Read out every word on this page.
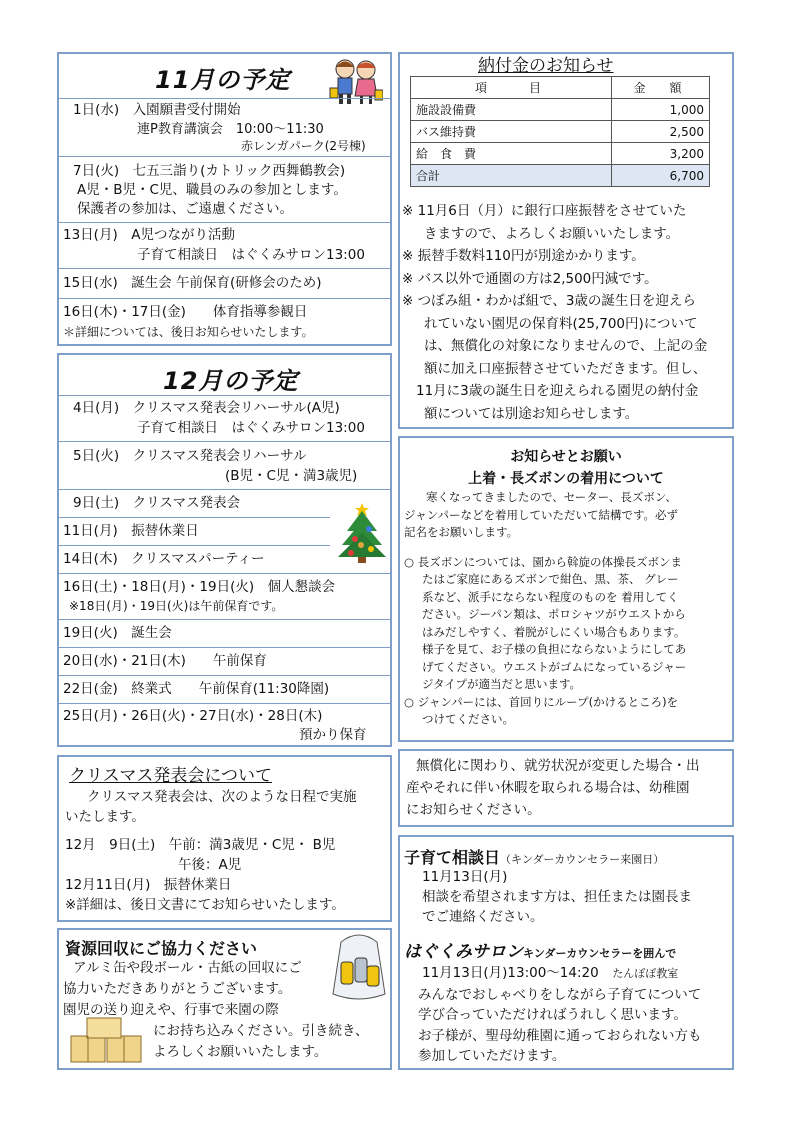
11月の予定
1日(水)　入園願書受付開始
連P教育講演会　10:00～11:30
赤レンガパーク(2号棟)
7日(火)　七五三詣り(カトリック西舞鶴教会)
A児・B児・C児、職員のみの参加とします。
保護者の参加は、ご遠慮ください。
13日(月)　A児つながり活動
子育て相談日　はぐくみサロン13:00
15日(水)　誕生会 午前保育(研修会のため)
16日(木)・17日(金)　　体育指導参観日
＊詳細については、後日お知らせいたします。
12月の予定
4日(月)　クリスマス発表会リハーサル(A児)
子育て相談日　はぐくみサロン13:00
5日(火)　クリスマス発表会リハーサル
(B児・C児・満3歳児)
9日(土)　クリスマス発表会
11日(月)　振替休業日
14日(木)　クリスマスパーティー
16日(土)・18日(月)・19日(火)　個人懇談会
※18日(月)・19日(火)は午前保育です。
19日(火)　誕生会
20日(水)・21日(木)　　午前保育
22日(金)　終業式　　午前保育(11:30降園)
25日(月)・26日(火)・27日(水)・28日(木)
預かり保育
納付金のお知らせ
項　　目	金　額
施設設備費	1,000
バス維持費	2,500
給　食　費	3,200
合計	6,700

※ 11月6日（月）に銀行口座振替をさせていた

きますので、よろしくお願いいたします。

※ 振替手数料110円が別途かかります。

※ バス以外で通園の方は2,500円減です。

※ つぼみ組・わかば組で、3歳の誕生日を迎えら

れていない園児の保育料(25,700円)について

は、無償化の対象になりませんので、上記の金

額に加え口座振替させていただきます。但し、

11月に3歳の誕生日を迎えられる園児の納付金

額については別途お知らせします。

お知らせとお願い
上着・長ズボンの着用について

寒くなってきましたので、セーター、長ズボン、

ジャンパーなどを着用していただいて結構です。必ず

記名をお願いします。

○ 長ズボンについては、園から斡旋の体操長ズボンま

たはご家庭にあるズボンで紺色、黒、茶、 グレー

系など、派手にならない程度のものを 着用してく

ださい。ジーパン類は、ポロシャツがウエストから

はみだしやすく、着脱がしにくい場合もあります。

様子を見て、お子様の負担にならないようにしてあ

げてください。ウエストがゴムになっているジャー

ジタイプが適当だと思います。

○ ジャンパーには、首回りにループ(かけるところ)を

つけてください。

無償化に関わり、就労状況が変更した場合・出

産やそれに伴い休暇を取られる場合は、幼稚園

にお知らせください。

クリスマス発表会について

クリスマス発表会は、次のような日程で実施

いたします。

12月　9日(土)　午前：満3歳児・C児・ B児

午後：A児

12月11日(月)　振替休業日

※詳細は、後日文書にてお知らせいたします。

資源回収にご協力ください

アルミ缶や段ボール・古紙の回収にご

協力いただきありがとうございます。

園児の送り迎えや、行事で来園の際

にお持ち込みください。引き続き、

よろしくお願いいたします。

子育て相談日（キンダーカウンセラー来園日）

11月13日(月)

相談を希望されます方は、担任または園長ま

でご連絡ください。

はぐくみサロンキンダーカウンセラーを囲んで

11月13日(月)13:00～14:20　 たんぽぽ教室

みんなでおしゃべりをしながら子育てについて

学び合っていただければうれしく思います。

お子様が、聖母幼稚園に通っておられない方も

参加していただけます。
